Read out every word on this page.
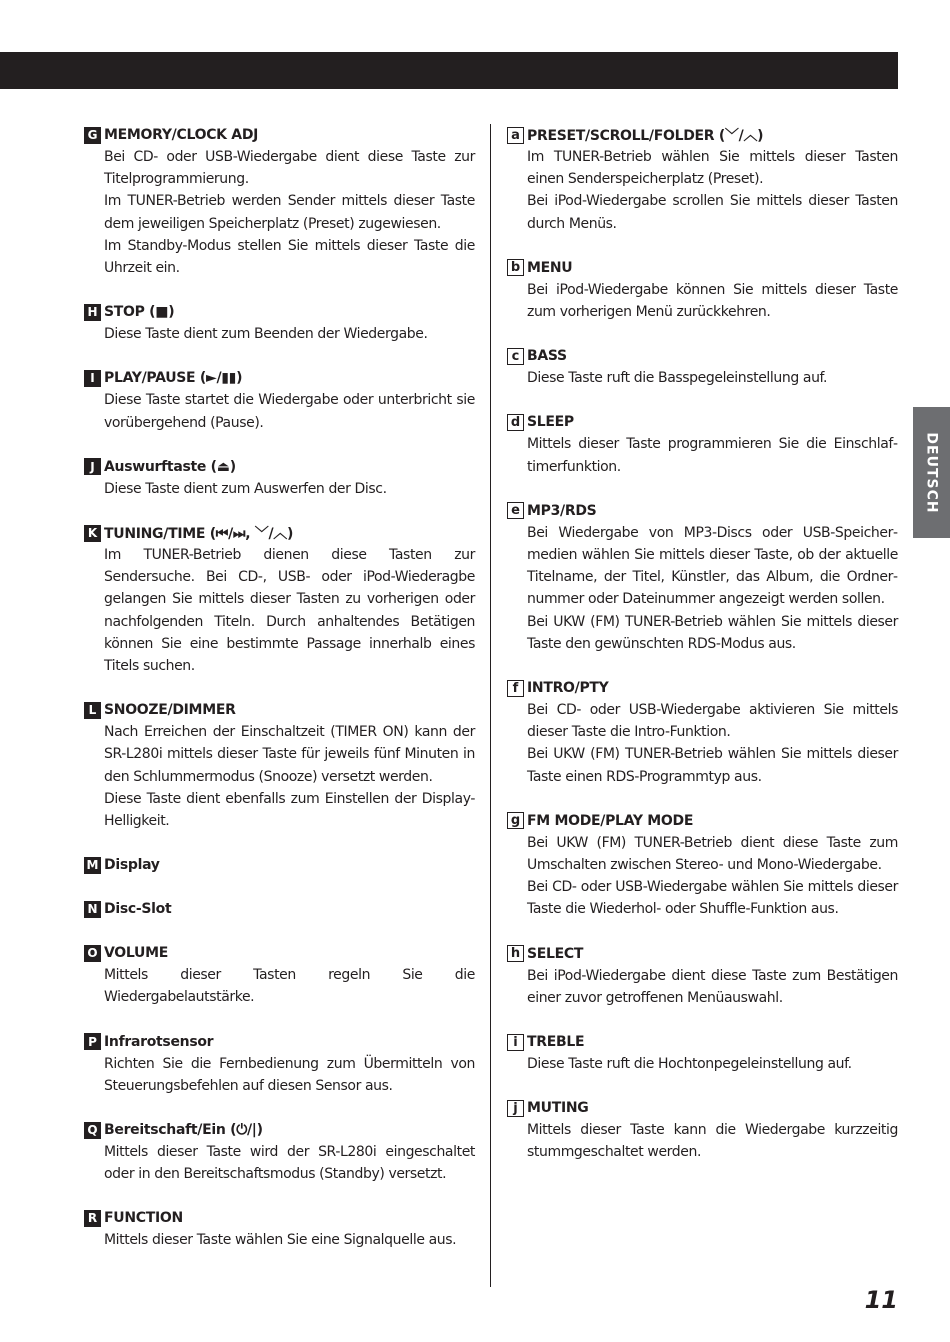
G MEMORY/CLOCK ADJ

Bei CD- oder USB-Wiedergabe dient diese Taste zur Titelprogrammierung.

Im TUNER-Betrieb werden Sender mittels dieser Taste dem jeweiligen Speicherplatz (Preset) zugewiesen.

Im Standby-Modus stellen Sie mittels dieser Taste die Uhrzeit ein.

H STOP (■)

Diese Taste dient zum Beenden der Wiedergabe.

I PLAY/PAUSE (►/▮▮)

Diese Taste startet die Wiedergabe oder unterbricht sie vorübergehend (Pause).

J Auswurftaste (⏏)

Diese Taste dient zum Auswerfen der Disc.

K TUNING/TIME (⏮/⏭, ﹀/︿)

Im TUNER-Betrieb dienen diese Tasten zur Sendersuche. Bei CD-, USB- oder iPod-Wiederagbe gelangen Sie mittels dieser Tasten zu vorherigen oder nachfolgenden Titeln. Durch anhaltendes Betätigen können Sie eine bestimmte Passage innerhalb eines Titels suchen.

L SNOOZE/DIMMER

Nach Erreichen der Einschaltzeit (TIMER ON) kann der SR-L280i mittels dieser Taste für jeweils fünf Minuten in den Schlummermodus (Snooze) versetzt werden.

Diese Taste dient ebenfalls zum Einstellen der Display-Helligkeit.

M Display
N Disc-Slot
O VOLUME

Mittels dieser Tasten regeln Sie die Wiedergabelautstärke.

P Infrarotsensor

Richten Sie die Fernbedienung zum Übermitteln von Steuerungsbefehlen auf diesen Sensor aus.

Q Bereitschaft/Ein (⏻/|)

Mittels dieser Taste wird der SR-L280i eingeschaltet oder in den Bereitschaftsmodus (Standby) versetzt.

R FUNCTION

Mittels dieser Taste wählen Sie eine Signalquelle aus.

a PRESET/SCROLL/FOLDER (﹀/︿)

Im TUNER-Betrieb wählen Sie mittels dieser Tasten einen Senderspeicherplatz (Preset).

Bei iPod-Wiedergabe scrollen Sie mittels dieser Tasten durch Menüs.

b MENU

Bei iPod-Wiedergabe können Sie mittels dieser Taste zum vorherigen Menü zurückkehren.

c BASS

Diese Taste ruft die Basspegeleinstellung auf.

d SLEEP

Mittels dieser Taste programmieren Sie die Einschlaftimerfunktion.

e MP3/RDS

Bei Wiedergabe von MP3-Discs oder USB-Speichermedien wählen Sie mittels dieser Taste, ob der aktuelle Titelname, der Titel, Künstler, das Album, die Ordnernummer oder Dateinummer angezeigt werden sollen.

Bei UKW (FM) TUNER-Betrieb wählen Sie mittels dieser Taste den gewünschten RDS-Modus aus.

f INTRO/PTY

Bei CD- oder USB-Wiedergabe aktivieren Sie mittels dieser Taste die Intro-Funktion.

Bei UKW (FM) TUNER-Betrieb wählen Sie mittels dieser Taste einen RDS-Programmtyp aus.

g FM MODE/PLAY MODE

Bei UKW (FM) TUNER-Betrieb dient diese Taste zum Umschalten zwischen Stereo- und Mono-Wiedergabe.

Bei CD- oder USB-Wiedergabe wählen Sie mittels dieser Taste die Wiederhol- oder Shuffle-Funktion aus.

h SELECT

Bei iPod-Wiedergabe dient diese Taste zum Bestätigen einer zuvor getroffenen Menüauswahl.

i TREBLE

Diese Taste ruft die Hochtonpegeleinstellung auf.

j MUTING

Mittels dieser Taste kann die Wiedergabe kurzzeitig stummgeschaltet werden.

DEUTSCH
11
